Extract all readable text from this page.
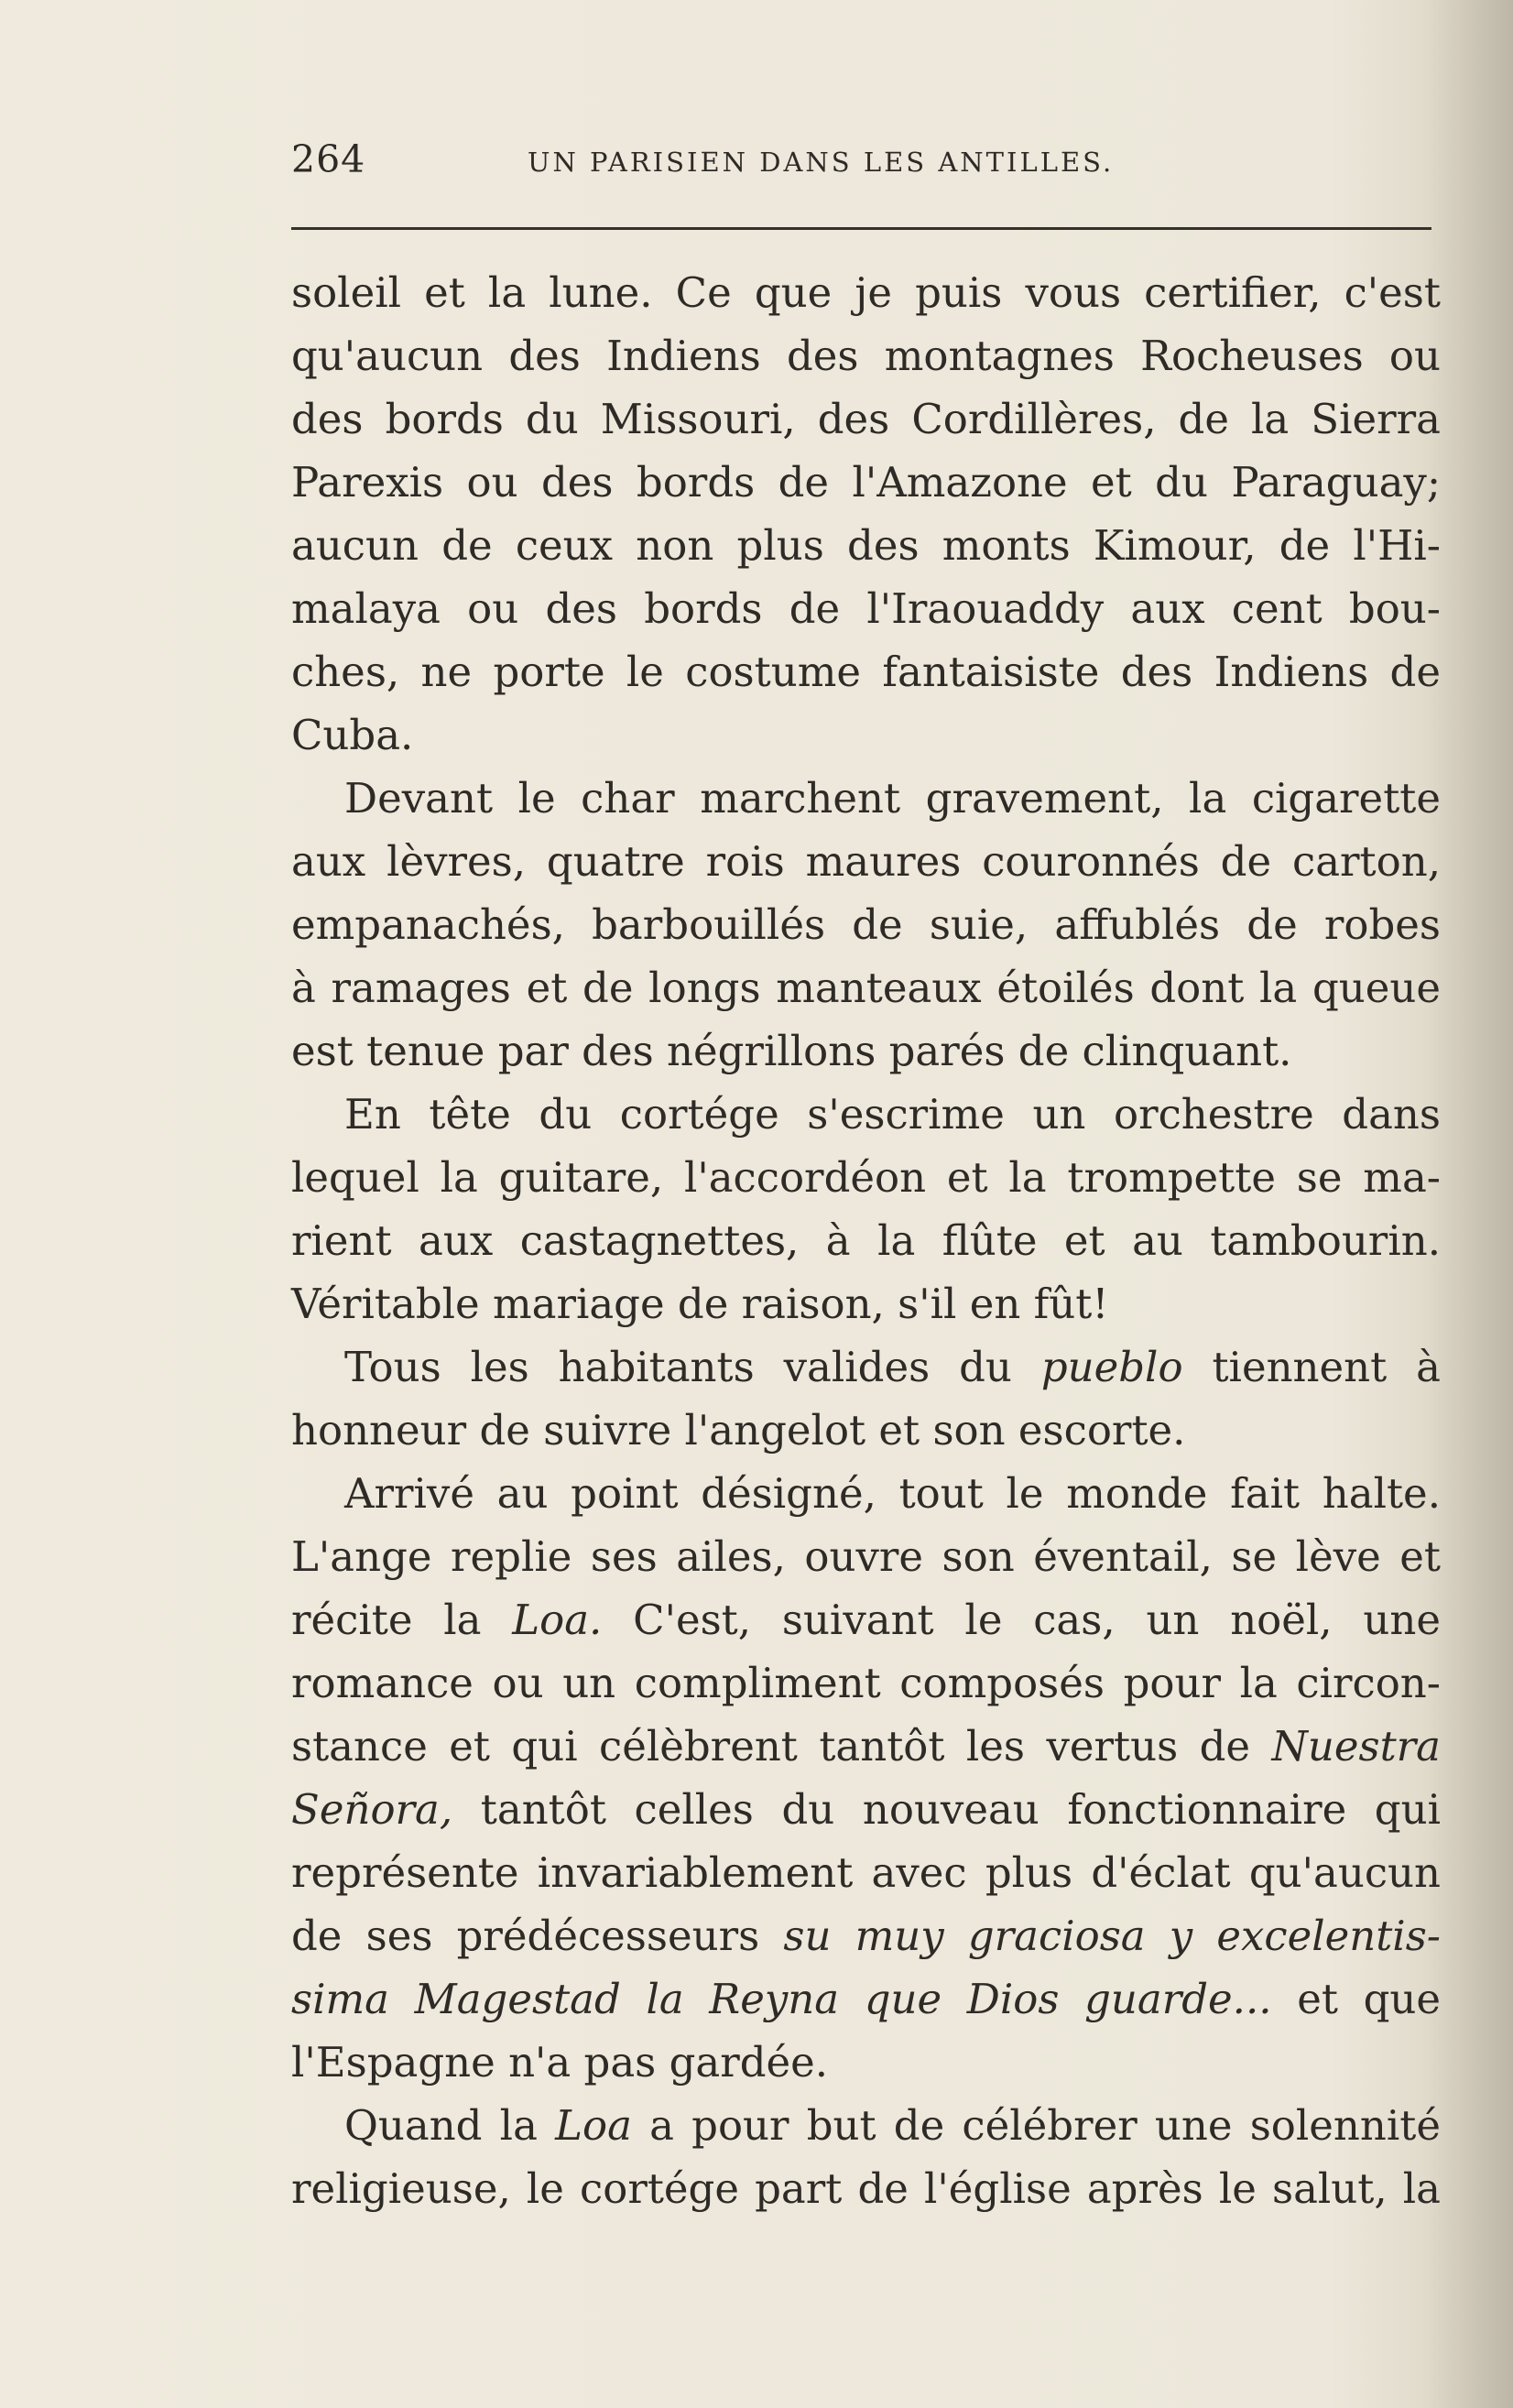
264	UN PARISIEN DANS LES ANTILLES.
soleil et la lune. Ce que je puis vous certifier, c'est
qu'aucun des Indiens des montagnes Rocheuses ou
des bords du Missouri, des Cordillères, de la Sierra
Parexis ou des bords de l'Amazone et du Paraguay;
aucun de ceux non plus des monts Kimour, de l'Hi-
malaya ou des bords de l'Iraouaddy aux cent bou-
ches, ne porte le costume fantaisiste des Indiens de
Cuba.
Devant le char marchent gravement, la cigarette
aux lèvres, quatre rois maures couronnés de carton,
empanachés, barbouillés de suie, affublés de robes
à ramages et de longs manteaux étoilés dont la queue
est tenue par des négrillons parés de clinquant.
En tête du cortége s'escrime un orchestre dans
lequel la guitare, l'accordéon et la trompette se ma-
rient aux castagnettes, à la flûte et au tambourin.
Véritable mariage de raison, s'il en fût!
Tous les habitants valides du pueblo tiennent à
honneur de suivre l'angelot et son escorte.
Arrivé au point désigné, tout le monde fait halte.
L'ange replie ses ailes, ouvre son éventail, se lève et
récite la Loa. C'est, suivant le cas, un noël, une
romance ou un compliment composés pour la circon-
stance et qui célèbrent tantôt les vertus de Nuestra
Señora, tantôt celles du nouveau fonctionnaire qui
représente invariablement avec plus d'éclat qu'aucun
de ses prédécesseurs su muy graciosa y excelentis-
sima Magestad la Reyna que Dios guarde... et que
l'Espagne n'a pas gardée.
Quand la Loa a pour but de célébrer une solennité
religieuse, le cortége part de l'église après le salut, la
